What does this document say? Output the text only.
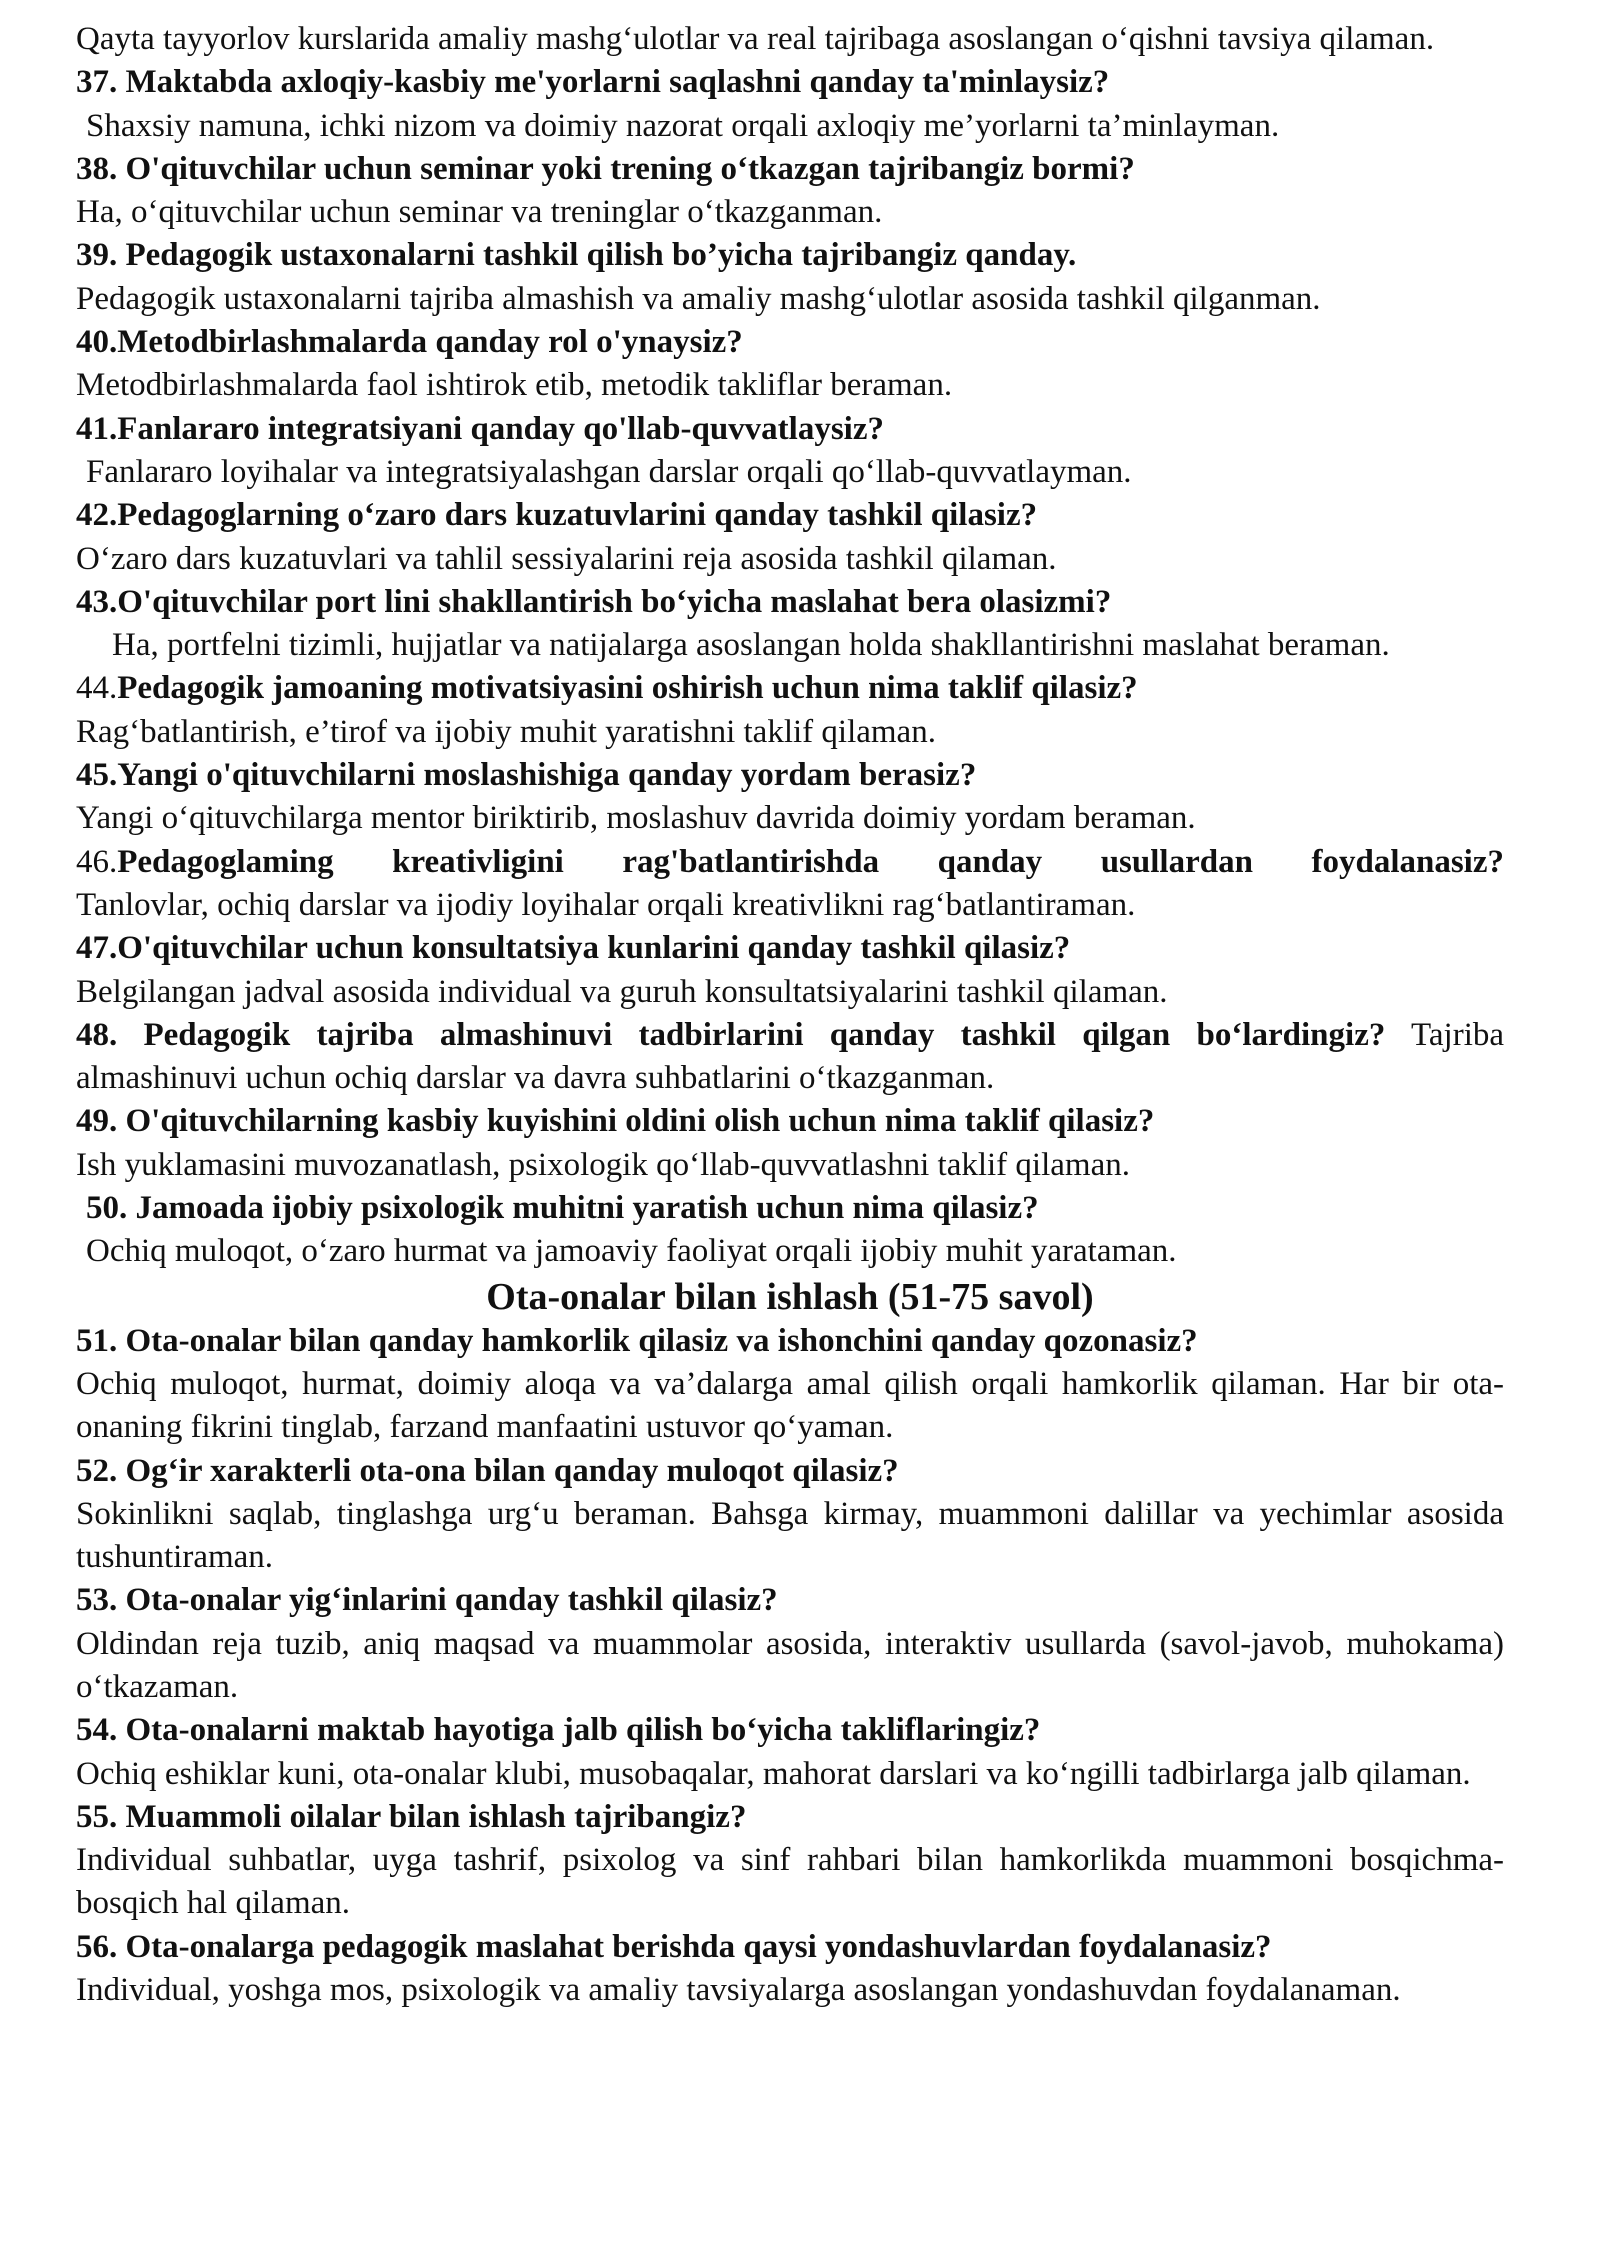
Qayta tayyorlov kurslarida amaliy mashg‘ulotlar va real tajribaga asoslangan o‘qishni tavsiya qilaman.

37. Maktabda axloqiy-kasbiy me'yorlarni saqlashni qanday ta'minlaysiz?

Shaxsiy namuna, ichki nizom va doimiy nazorat orqali axloqiy me’yorlarni ta’minlayman.

38. O'qituvchilar uchun seminar yoki trening o‘tkazgan tajribangiz bormi?

Ha, o‘qituvchilar uchun seminar va treninglar o‘tkazganman.

39. Pedagogik ustaxonalarni tashkil qilish bo’yicha tajribangiz qanday.

Pedagogik ustaxonalarni tajriba almashish va amaliy mashg‘ulotlar asosida tashkil qilganman.

40.Metodbirlashmalarda qanday rol o'ynaysiz?

Metodbirlashmalarda faol ishtirok etib, metodik takliflar beraman.

41.Fanlararo integratsiyani qanday qo'llab-quvvatlaysiz?

Fanlararo loyihalar va integratsiyalashgan darslar orqali qo‘llab-quvvatlayman.

42.Pedagoglarning o‘zaro dars kuzatuvlarini qanday tashkil qilasiz?

O‘zaro dars kuzatuvlari va tahlil sessiyalarini reja asosida tashkil qilaman.

43.O'qituvchilar port lini shakllantirish bo‘yicha maslahat bera olasizmi?

Ha, portfelni tizimli, hujjatlar va natijalarga asoslangan holda shakllantirishni maslahat beraman.

44.Pedagogik jamoaning motivatsiyasini oshirish uchun nima taklif qilasiz?

Rag‘batlantirish, e’tirof va ijobiy muhit yaratishni taklif qilaman.

45.Yangi o'qituvchilarni moslashishiga qanday yordam berasiz?

Yangi o‘qituvchilarga mentor biriktirib, moslashuv davrida doimiy yordam beraman.

46.Pedagoglaming kreativligini rag'batlantirishda qanday usullardan foydalanasiz?

Tanlovlar, ochiq darslar va ijodiy loyihalar orqali kreativlikni rag‘batlantiraman.

47.O'qituvchilar uchun konsultatsiya kunlarini qanday tashkil qilasiz?

Belgilangan jadval asosida individual va guruh konsultatsiyalarini tashkil qilaman.

48. Pedagogik tajriba almashinuvi tadbirlarini qanday tashkil qilgan bo‘lardingiz? Tajriba almashinuvi uchun ochiq darslar va davra suhbatlarini o‘tkazganman.

49. O'qituvchilarning kasbiy kuyishini oldini olish uchun nima taklif qilasiz?

Ish yuklamasini muvozanatlash, psixologik qo‘llab-quvvatlashni taklif qilaman.

50. Jamoada ijobiy psixologik muhitni yaratish uchun nima qilasiz?

Ochiq muloqot, o‘zaro hurmat va jamoaviy faoliyat orqali ijobiy muhit yarataman.

Ota-onalar bilan ishlash (51-75 savol)

51. Ota-onalar bilan qanday hamkorlik qilasiz va ishonchini qanday qozonasiz?

Ochiq muloqot, hurmat, doimiy aloqa va va’dalarga amal qilish orqali hamkorlik qilaman. Har bir ota-onaning fikrini tinglab, farzand manfaatini ustuvor qo‘yaman.

52. Og‘ir xarakterli ota-ona bilan qanday muloqot qilasiz?

Sokinlikni saqlab, tinglashga urg‘u beraman. Bahsga kirmay, muammoni dalillar va yechimlar asosida tushuntiraman.

53. Ota-onalar yig‘inlarini qanday tashkil qilasiz?

Oldindan reja tuzib, aniq maqsad va muammolar asosida, interaktiv usullarda (savol-javob, muhokama) o‘tkazaman.

54. Ota-onalarni maktab hayotiga jalb qilish bo‘yicha takliflaringiz?

Ochiq eshiklar kuni, ota-onalar klubi, musobaqalar, mahorat darslari va ko‘ngilli tadbirlarga jalb qilaman.

55. Muammoli oilalar bilan ishlash tajribangiz?

Individual suhbatlar, uyga tashrif, psixolog va sinf rahbari bilan hamkorlikda muammoni bosqichma-bosqich hal qilaman.

56. Ota-onalarga pedagogik maslahat berishda qaysi yondashuvlardan foydalanasiz?

Individual, yoshga mos, psixologik va amaliy tavsiyalarga asoslangan yondashuvdan foydalanaman.
